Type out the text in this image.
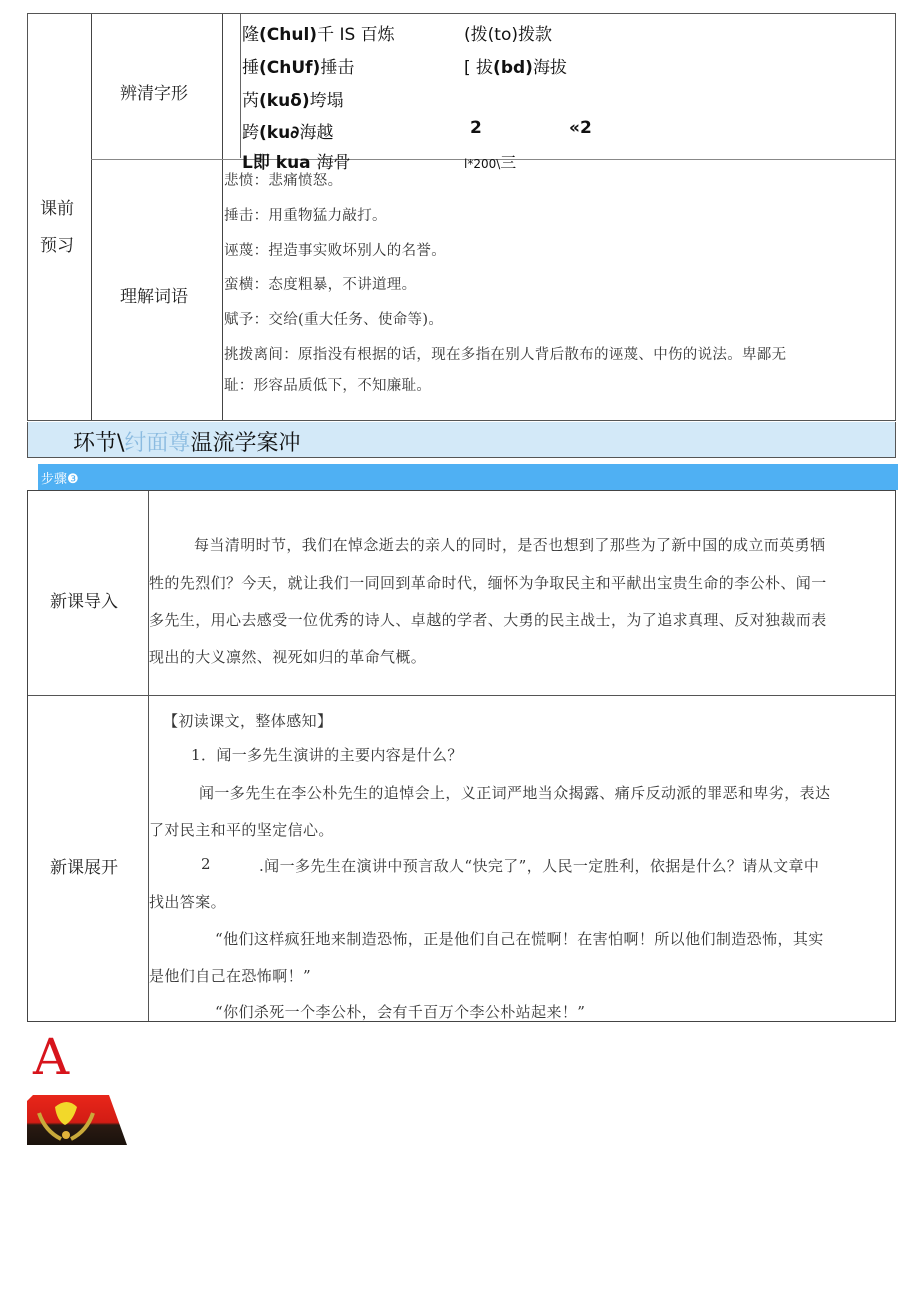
课前
预习
辨清字形
隆(Chul)千 IS 百炼
捶(ChUf)捶击
芮(kuδ)垮塌
跨(ku∂海越
L即 kua 海骨
(拨(to)拨款
[ 拔(bd)海拔
2	«2
l*200\三
理解词语
悲愤：悲痛愤怒。
捶击：用重物猛力敲打。
诬蔑：捏造事实败坏别人的名誉。
蛮横：态度粗暴，不讲道理。
赋予：交给(重大任务、使命等)。
挑拨离间：原指没有根据的话，现在多指在别人背后散布的诬蔑、中伤的说法。卑鄙无
耻：形容品质低下，不知廉耻。
环节\纣面尊温流学案冲
步骤❸
新课导入
每当清明时节，我们在悼念逝去的亲人的同时，是否也想到了那些为了新中国的成立而英勇牺
牲的先烈们？今天，就让我们一同回到革命时代，缅怀为争取民主和平献出宝贵生命的李公朴、闻一
多先生，用心去感受一位优秀的诗人、卓越的学者、大勇的民主战士，为了追求真理、反对独裁而表
现出的大义凛然、视死如归的革命气概。
新课展开
【初读课文，整体感知】
1．闻一多先生演讲的主要内容是什么？
闻一多先生在李公朴先生的追悼会上，义正词严地当众揭露、痛斥反动派的罪恶和卑劣，表达
了对民主和平的坚定信心。
2	.闻一多先生在演讲中预言敌人“快完了”，人民一定胜利，依据是什么？请从文章中
找出答案。
“他们这样疯狂地来制造恐怖，正是他们自己在慌啊！在害怕啊！所以他们制造恐怖，其实
是他们自己在恐怖啊！”
“你们杀死一个李公朴，会有千百万个李公朴站起来！”
A
